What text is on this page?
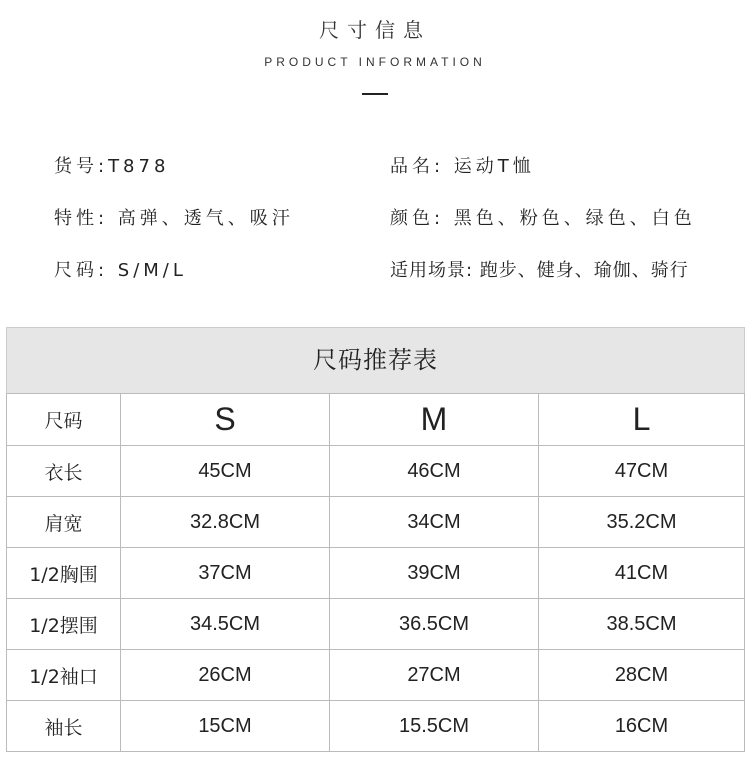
尺寸信息
PRODUCT INFORMATION
货号:T878	品名: 运动T恤
特性: 高弹、透气、吸汗	颜色: 黑色、粉色、绿色、白色
尺码: S/M/L	适用场景: 跑步、健身、瑜伽、骑行
尺码推荐表
尺码	S	M	L
衣长	45CM	46CM	47CM
肩宽	32.8CM	34CM	35.2CM
1/2胸围	37CM	39CM	41CM
1/2摆围	34.5CM	36.5CM	38.5CM
1/2袖口	26CM	27CM	28CM
袖长	15CM	15.5CM	16CM
